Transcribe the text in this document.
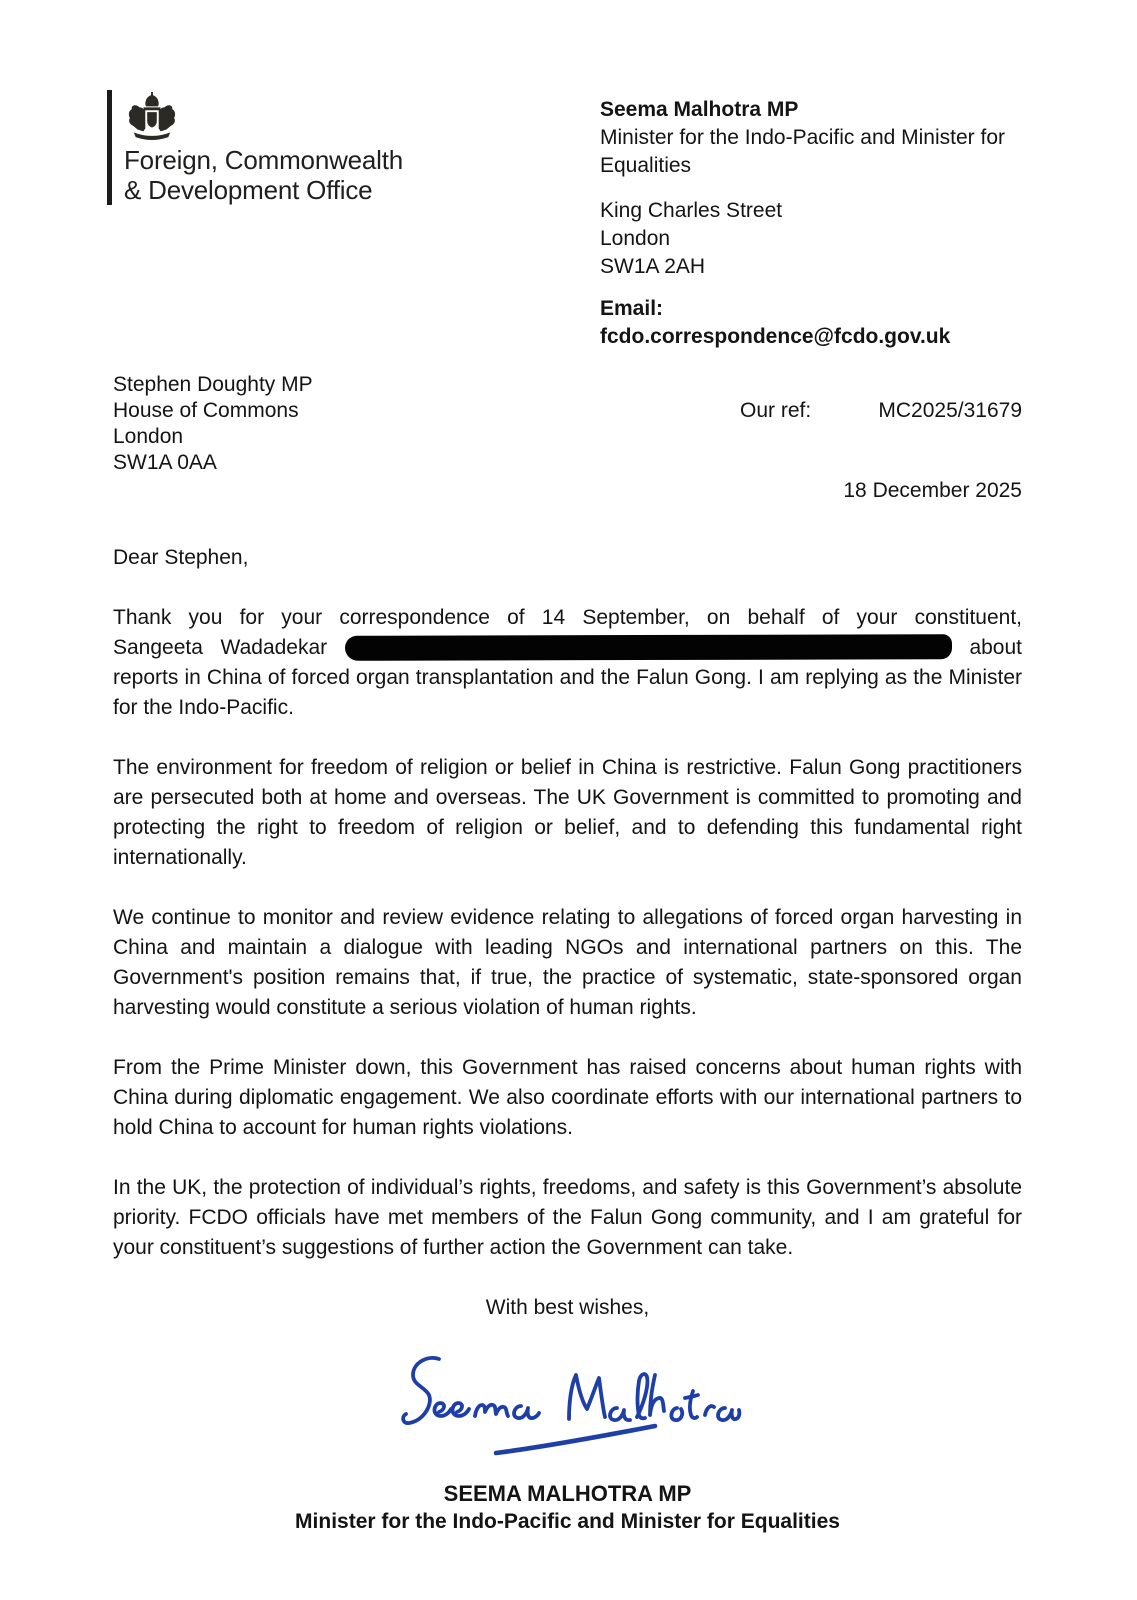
Foreign, Commonwealth
& Development Office
Seema Malhotra MP
Minister for the Indo-Pacific and Minister for Equalities
King Charles Street
London
SW1A 2AH
Email:
fcdo.correspondence@fcdo.gov.uk
Stephen Doughty MP
House of Commons
London
SW1A 0AA
Our ref:	MC2025/31679
18 December 2025

Dear Stephen,

Thank you for your correspondence of 14 September, on behalf of your constituent, Sangeeta Wadadekar	about reports in China of forced organ transplantation and the Falun Gong. I am replying as the Minister for the Indo-Pacific.

The environment for freedom of religion or belief in China is restrictive. Falun Gong practitioners are persecuted both at home and overseas. The UK Government is committed to promoting and protecting the right to freedom of religion or belief, and to defending this fundamental right internationally.

We continue to monitor and review evidence relating to allegations of forced organ harvesting in China and maintain a dialogue with leading NGOs and international partners on this. The Government's position remains that, if true, the practice of systematic, state-sponsored organ harvesting would constitute a serious violation of human rights.

From the Prime Minister down, this Government has raised concerns about human rights with China during diplomatic engagement. We also coordinate efforts with our international partners to hold China to account for human rights violations.

In the UK, the protection of individual’s rights, freedoms, and safety is this Government’s absolute priority. FCDO officials have met members of the Falun Gong community, and I am grateful for your constituent’s suggestions of further action the Government can take.

With best wishes,

SEEMA MALHOTRA MP
Minister for the Indo-Pacific and Minister for Equalities
